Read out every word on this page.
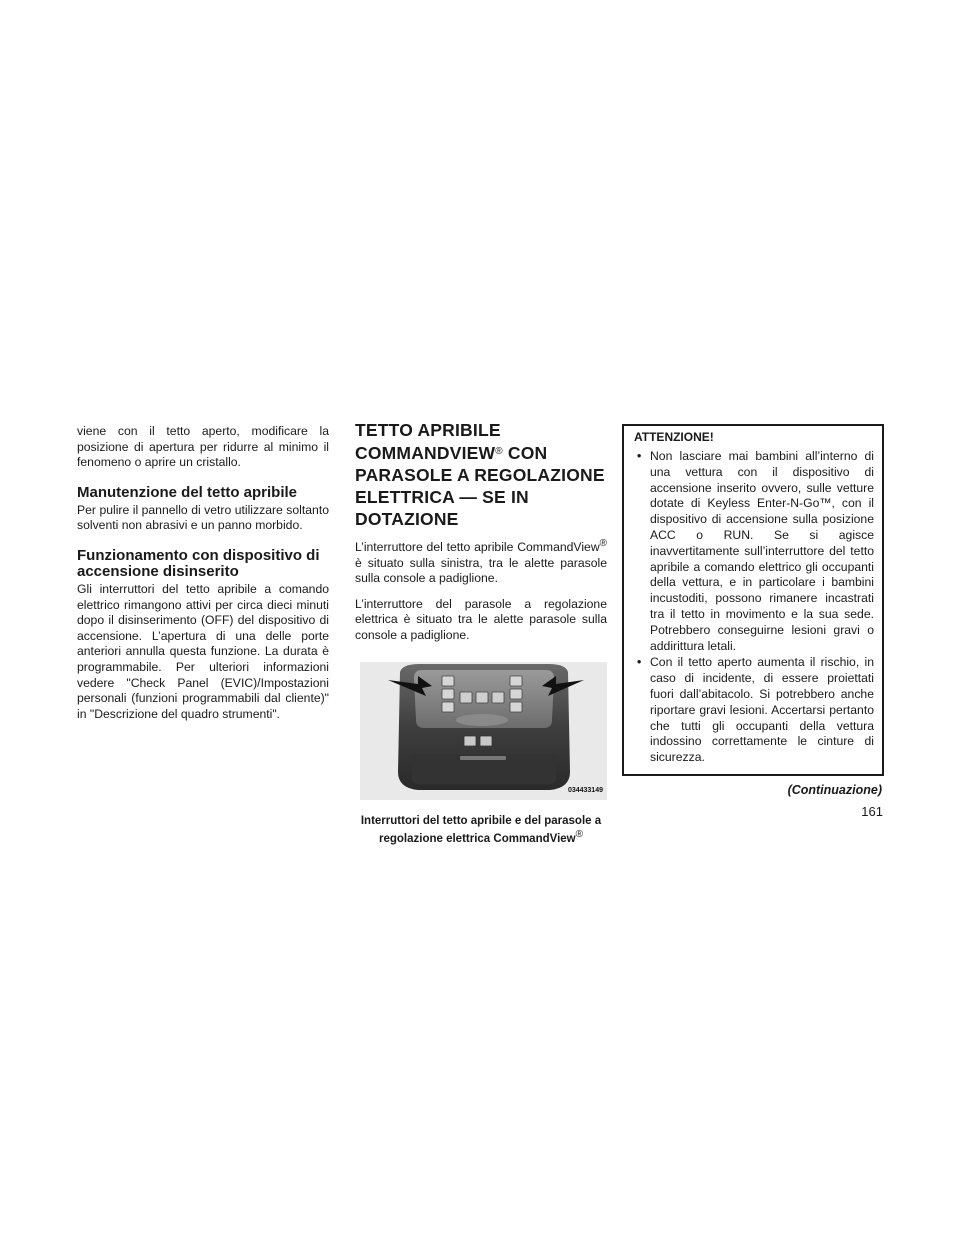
viene con il tetto aperto, modificare la posizione di apertura per ridurre al minimo il fenomeno o aprire un cristallo.

Manutenzione del tetto apribile

Per pulire il pannello di vetro utilizzare soltanto solventi non abrasivi e un panno morbido.

Funzionamento con dispositivo di accensione disinserito

Gli interruttori del tetto apribile a comando elettrico rimangono attivi per circa dieci minuti dopo il disinserimento (OFF) del dispositivo di accensione. L’apertura di una delle porte anteriori annulla questa funzione. La durata è programmabile. Per ulteriori informazioni vedere "Check Panel (EVIC)/Impostazioni personali (funzioni programmabili dal cliente)" in "Descrizione del quadro strumenti".

TETTO APRIBILE COMMANDVIEW® CON PARASOLE A REGOLAZIONE ELETTRICA — SE IN DOTAZIONE

L’interruttore del tetto apribile CommandView® è situato sulla sinistra, tra le alette parasole sulla console a padiglione.

L’interruttore del parasole a regolazione elettrica è situato tra le alette parasole sulla console a padiglione.

034433149
Interruttori del tetto apribile e del parasole a regolazione elettrica CommandView®
ATTENZIONE!
• Non lasciare mai bambini all’interno di una vettura con il dispositivo di accensione inserito ovvero, sulle vetture dotate di Keyless Enter-N-Go™, con il dispositivo di accensione sulla posizione ACC o RUN. Se si agisce inavvertitamente sull’interruttore del tetto apribile a comando elettrico gli occupanti della vettura, e in particolare i bambini incustoditi, possono rimanere incastrati tra il tetto in movimento e la sua sede. Potrebbero conseguirne lesioni gravi o addirittura letali.
• Con il tetto aperto aumenta il rischio, in caso di incidente, di essere proiettati fuori dall’abitacolo. Si potrebbero anche riportare gravi lesioni. Accertarsi pertanto che tutti gli occupanti della vettura indossino correttamente le cinture di sicurezza.
(Continuazione)
161
